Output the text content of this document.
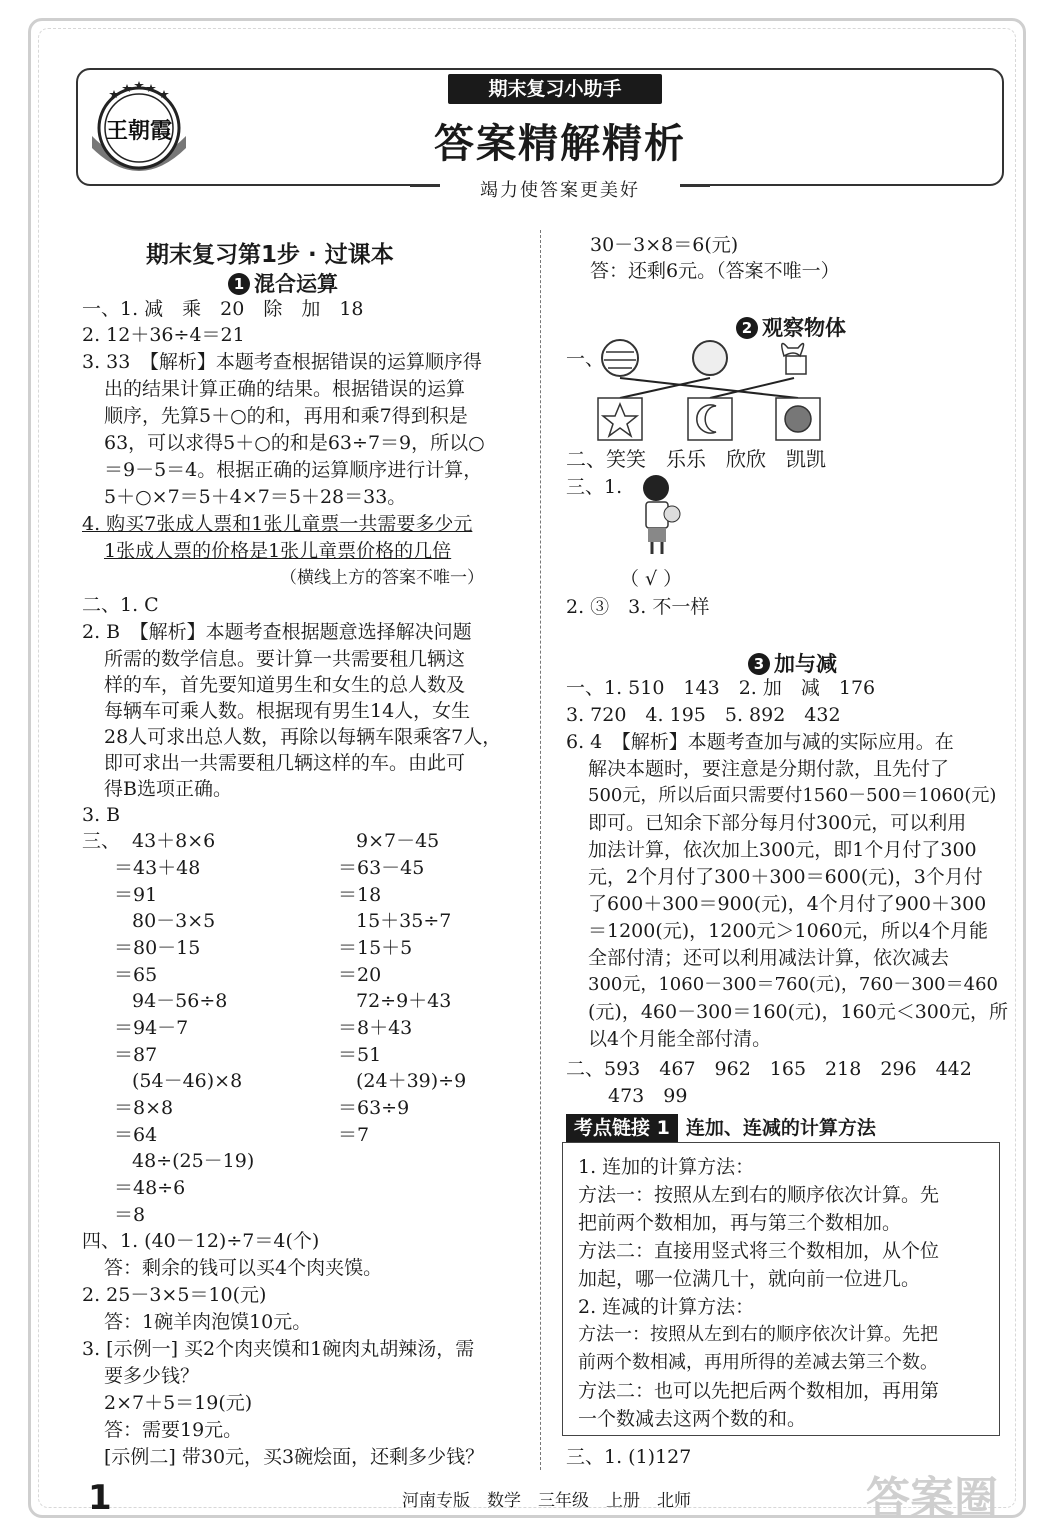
王朝霞
期末复习小助手
答案精解精析
竭力使答案更美好
期末复习第1步 · 过课本
1 混合运算
一、1. 减　乘　20　除　加　18
2. 12＋36÷4＝21
3. 33　【解析】本题考查根据错误的运算顺序得
出的结果计算正确的结果。根据错误的运算
顺序，先算5＋○的和，再用和乘7得到积是
63，可以求得5＋○的和是63÷7＝9，所以○
＝9－5＝4。根据正确的运算顺序进行计算，
5＋○×7＝5＋4×7＝5＋28＝33。
4. 购买7张成人票和1张儿童票一共需要多少元
1张成人票的价格是1张儿童票价格的几倍
（横线上方的答案不唯一）
二、1. C
2. B　【解析】本题考查根据题意选择解决问题
所需的数学信息。要计算一共需要租几辆这
样的车，首先要知道男生和女生的总人数及
每辆车可乘人数。根据现有男生14人，女生
28人可求出总人数，再除以每辆车限乘客7人，
即可求出一共需要租几辆这样的车。由此可
得B选项正确。
3. B
三、 43＋8×6
＝43＋48
＝91
80－3×5
＝80－15
＝65
94－56÷8
＝94－7
＝87
(54－46)×8
＝8×8
＝64
48÷(25－19)
＝48÷6
＝8
9×7－45
＝63－45
＝18
15＋35÷7
＝15＋5
＝20
72÷9＋43
＝8＋43
＝51
(24＋39)÷9
＝63÷9
＝7
四、1. (40－12)÷7＝4(个)
答：剩余的钱可以买4个肉夹馍。
2. 25－3×5＝10(元)
答：1碗羊肉泡馍10元。
3. [示例一] 买2个肉夹馍和1碗肉丸胡辣汤，需
要多少钱？
2×7＋5＝19(元)
答：需要19元。
[示例二] 带30元，买3碗烩面，还剩多少钱？
30－3×8＝6(元)
答：还剩6元。（答案不唯一）
2 观察物体
一、
二、笑笑　乐乐　欣欣　凯凯
三、1.
（ √ ）
2. ③　3. 不一样
3 加与减
一、1. 510　143　2. 加　减　176
3. 720　4. 195　5. 892　432
6. 4　【解析】本题考查加与减的实际应用。在
解决本题时，要注意是分期付款，且先付了
500元，所以后面只需要付1560－500＝1060(元)
即可。已知余下部分每月付300元，可以利用
加法计算，依次加上300元，即1个月付了300
元，2个月付了300＋300＝600(元)，3个月付
了600＋300＝900(元)，4个月付了900＋300
＝1200(元)，1200元＞1060元，所以4个月能
全部付清；还可以利用减法计算，依次减去
300元，1060－300＝760(元)，760－300＝460
(元)，460－300＝160(元)，160元＜300元，所
以4个月能全部付清。
二、593　467　962　165　218　296　442
473　99
考点链接 1 连加、连减的计算方法
1. 连加的计算方法：
方法一：按照从左到右的顺序依次计算。先
把前两个数相加，再与第三个数相加。
方法二：直接用竖式将三个数相加，从个位
加起，哪一位满几十，就向前一位进几。
2. 连减的计算方法：
方法一：按照从左到右的顺序依次计算。先把
前两个数相减，再用所得的差减去第三个数。
方法二：也可以先把后两个数相加，再用第
一个数减去这两个数的和。
三、1. (1)127
1	河南专版　数学　三年级　上册　北师	答案圈
